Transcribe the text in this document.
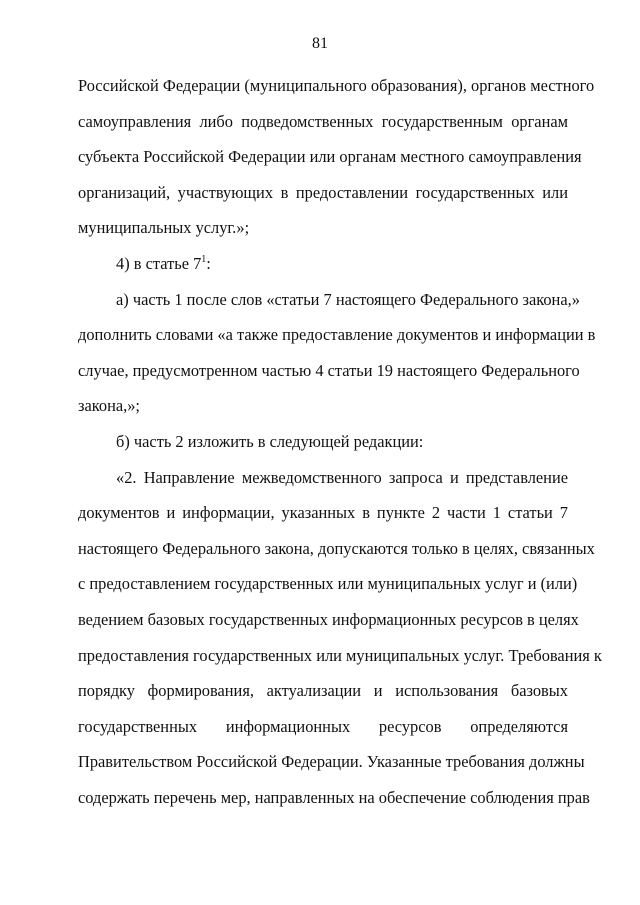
81

Российской Федерации (муниципального образования), органов местного
самоуправления либо подведомственных государственным органам
субъекта Российской Федерации или органам местного самоуправления
организаций, участвующих в предоставлении государственных или
муниципальных услуг.»;

4) в статье $7^1$:

а) часть 1 после слов «статьи 7 настоящего Федерального закона,»
дополнить словами «а также предоставление документов и информации в
случае, предусмотренном частью 4 статьи 19 настоящего Федерального
закона,»;

б) часть 2 изложить в следующей редакции:

«2. Направление межведомственного запроса и представление
документов и информации, указанных в пункте 2 части 1 статьи 7
настоящего Федерального закона, допускаются только в целях, связанных
с предоставлением государственных или муниципальных услуг и (или)
ведением базовых государственных информационных ресурсов в целях
предоставления государственных или муниципальных услуг. Требования к
порядку формирования, актуализации и использования базовых
государственных информационных ресурсов определяются
Правительством Российской Федерации. Указанные требования должны
содержать перечень мер, направленных на обеспечение соблюдения прав
